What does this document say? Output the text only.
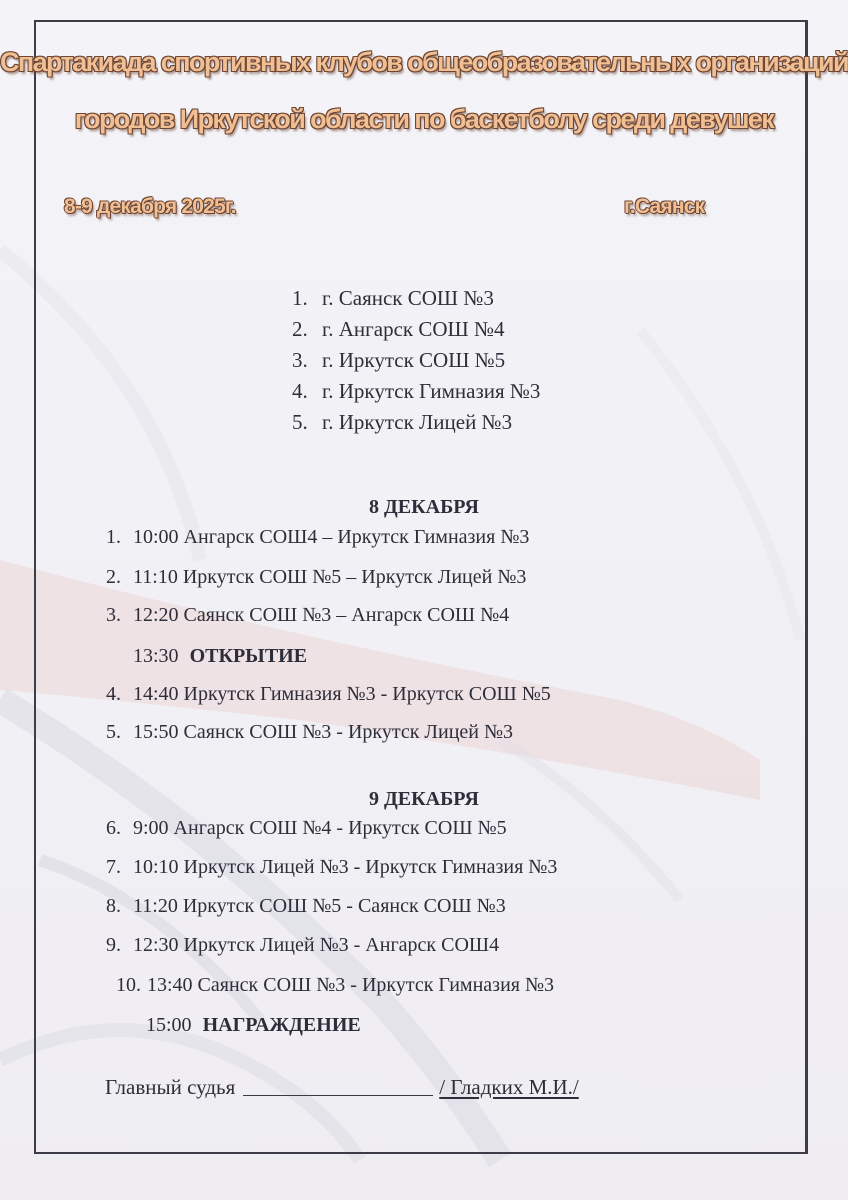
Спартакиада спортивных клубов общеобразовательных организаций
городов Иркутской области по баскетболу среди девушек
8-9 декабря 2025г.	г.Саянск
1. г. Саянск СОШ №3
2. г. Ангарск СОШ №4
3. г. Иркутск СОШ №5
4. г. Иркутск Гимназия №3
5. г. Иркутск Лицей №3
8 ДЕКАБРЯ
1. 10:00 Ангарск СОШ4 – Иркутск Гимназия №3
2. 11:10 Иркутск СОШ №5 – Иркутск Лицей №3
3. 12:20 Саянск СОШ №3 – Ангарск СОШ №4
13:30 ОТКРЫТИЕ
4. 14:40 Иркутск Гимназия №3 - Иркутск СОШ №5
5. 15:50 Саянск СОШ №3 - Иркутск Лицей №3
9 ДЕКАБРЯ
6. 9:00 Ангарск СОШ №4 - Иркутск СОШ №5
7. 10:10 Иркутск Лицей №3 - Иркутск Гимназия №3
8. 11:20 Иркутск СОШ №5 - Саянск СОШ №3
9. 12:30 Иркутск Лицей №3 - Ангарск СОШ4
10. 13:40 Саянск СОШ №3 - Иркутск Гимназия №3
15:00 НАГРАЖДЕНИЕ
Главный судья	/ Гладких М.И./
